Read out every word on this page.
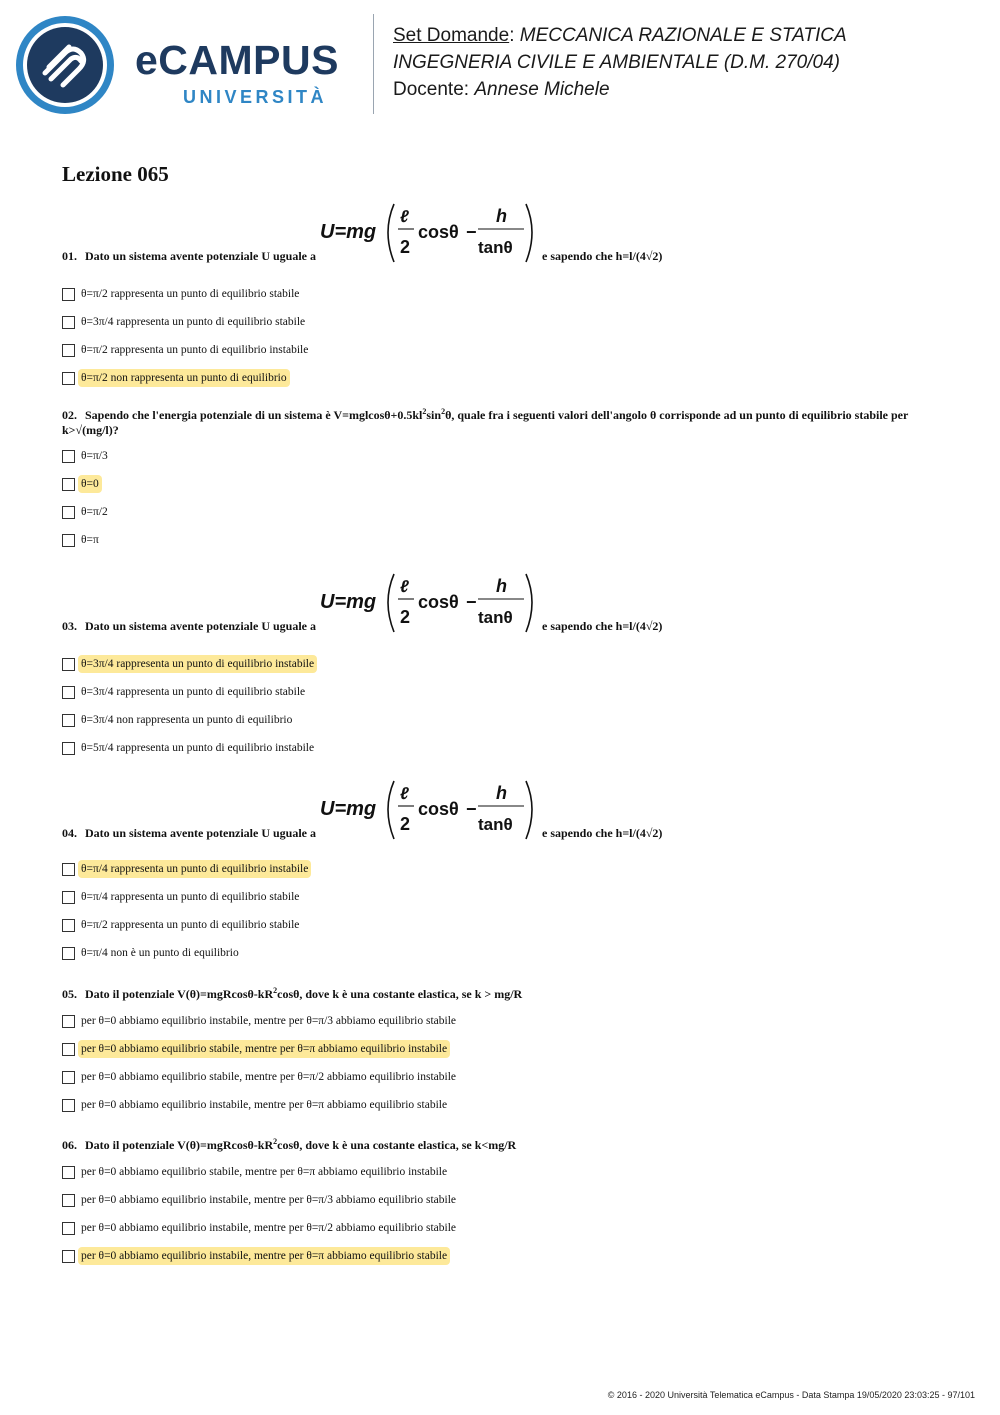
eCAMPUS
UNIVERSITÀ
Set Domande: MECCANICA RAZIONALE E STATICA
INGEGNERIA CIVILE E AMBIENTALE (D.M. 270/04)
Docente: Annese Michele
Lezione 065
01. Dato un sistema avente potenziale U uguale a
U=mg
ℓ
2
cosθ −
h
tanθ e sapendo che h=l/(4√2)
θ=π/2 rappresenta un punto di equilibrio stabile
θ=3π/4 rappresenta un punto di equilibrio stabile
θ=π/2 rappresenta un punto di equilibrio instabile
θ=π/2 non rappresenta un punto di equilibrio
02. Sapendo che l'energia potenziale di un sistema è $V=mglcos\theta+0.5kl^2\sin^2\theta$, quale fra i seguenti valori dell'angolo θ corrisponde ad un punto di equilibrio stabile per k>√(mg/l)?
θ=π/3
θ=0
θ=π/2
θ=π
03. Dato un sistema avente potenziale U uguale a
U=mg
ℓ
2
cosθ −
h
tanθ e sapendo che h=l/(4√2)
θ=3π/4 rappresenta un punto di equilibrio instabile
θ=3π/4 rappresenta un punto di equilibrio stabile
θ=3π/4 non rappresenta un punto di equilibrio
θ=5π/4 rappresenta un punto di equilibrio instabile
04. Dato un sistema avente potenziale U uguale a
U=mg
ℓ
2
cosθ −
h
tanθ e sapendo che h=l/(4√2)
θ=π/4 rappresenta un punto di equilibrio instabile
θ=π/4 rappresenta un punto di equilibrio stabile
θ=π/2 rappresenta un punto di equilibrio stabile
θ=π/4 non è un punto di equilibrio
05. Dato il potenziale $V(\theta)=mgRcos\theta-kR^2\cos\theta$, dove k è una costante elastica, se k > mg/R
per θ=0 abbiamo equilibrio instabile, mentre per θ=π/3 abbiamo equilibrio stabile
per θ=0 abbiamo equilibrio stabile, mentre per θ=π abbiamo equilibrio instabile
per θ=0 abbiamo equilibrio stabile, mentre per θ=π/2 abbiamo equilibrio instabile
per θ=0 abbiamo equilibrio instabile, mentre per θ=π abbiamo equilibrio stabile
06. Dato il potenziale $V(\theta)=mgRcos\theta-kR^2\cos\theta$, dove k è una costante elastica, se k<mg/R
per θ=0 abbiamo equilibrio stabile, mentre per θ=π abbiamo equilibrio instabile
per θ=0 abbiamo equilibrio instabile, mentre per θ=π/3 abbiamo equilibrio stabile
per θ=0 abbiamo equilibrio instabile, mentre per θ=π/2 abbiamo equilibrio stabile
per θ=0 abbiamo equilibrio instabile, mentre per θ=π abbiamo equilibrio stabile
© 2016 - 2020 Università Telematica eCampus - Data Stampa 19/05/2020 23:03:25 - 97/101
